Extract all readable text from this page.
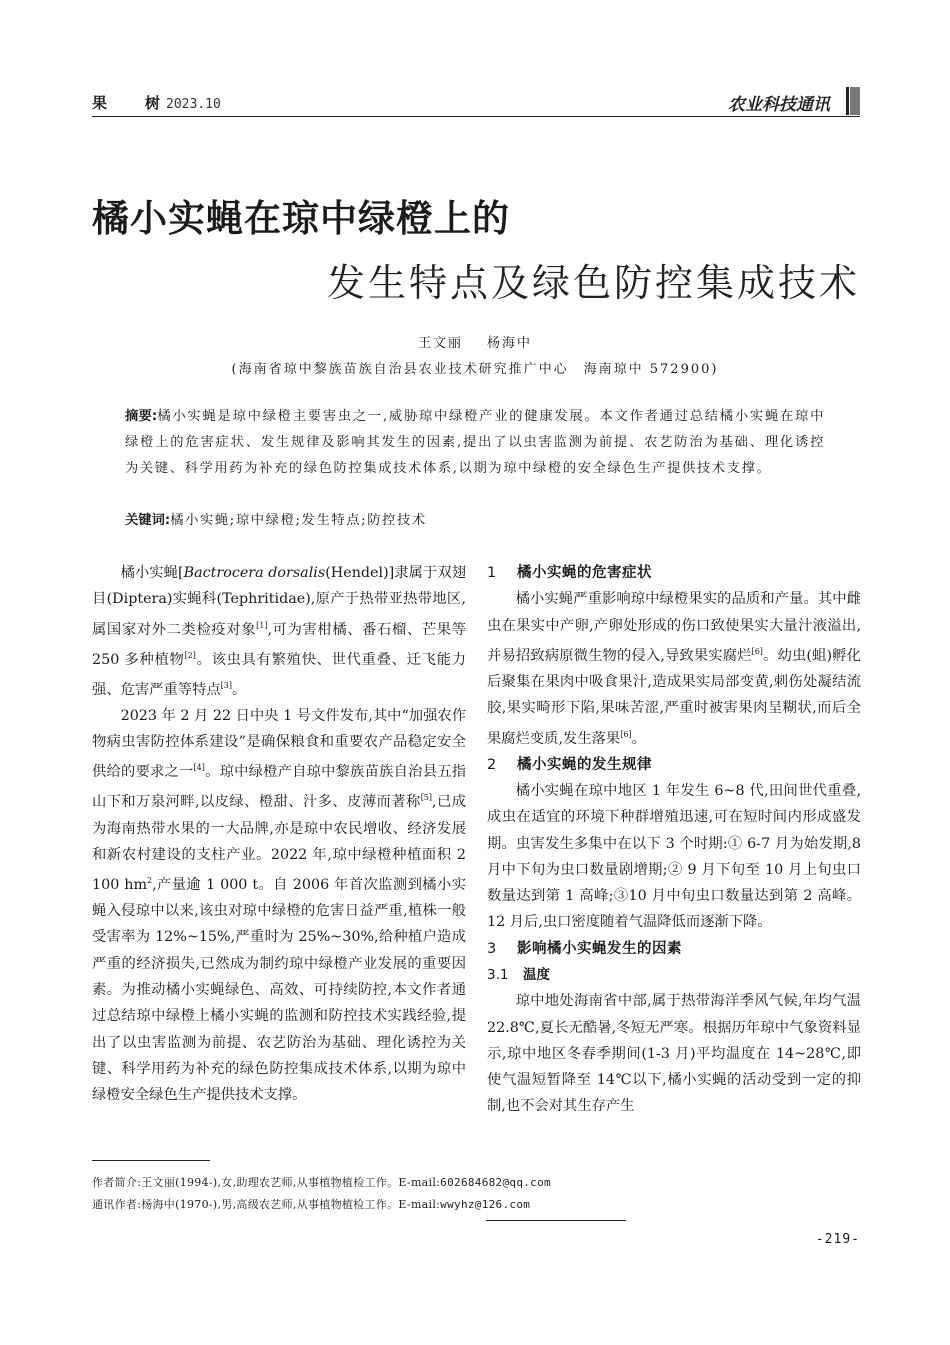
果	树 2023.10	农业科技通讯
橘小实蝇在琼中绿橙上的
发生特点及绿色防控集成技术
王文丽 杨海中
(海南省琼中黎族苗族自治县农业技术研究推广中心　海南琼中 572900)
摘要:橘小实蝇是琼中绿橙主要害虫之一,威胁琼中绿橙产业的健康发展。本文作者通过总结橘小实蝇在琼中绿橙上的危害症状、发生规律及影响其发生的因素,提出了以虫害监测为前提、农艺防治为基础、理化诱控为关键、科学用药为补充的绿色防控集成技术体系,以期为琼中绿橙的安全绿色生产提供技术支撑。
关键词:橘小实蝇;琼中绿橙;发生特点;防控技术

橘小实蝇[Bactrocera dorsalis(Hendel)]隶属于双翅目(Diptera)实蝇科(Tephritidae),原产于热带亚热带地区,属国家对外二类检疫对象[1],可为害柑橘、番石榴、芒果等 250 多种植物[2]。该虫具有繁殖快、世代重叠、迁飞能力强、危害严重等特点[3]。

2023 年 2 月 22 日中央 1 号文件发布,其中“加强农作物病虫害防控体系建设”是确保粮食和重要农产品稳定安全供给的要求之一[4]。琼中绿橙产自琼中黎族苗族自治县五指山下和万泉河畔,以皮绿、橙甜、汁多、皮薄而著称[5],已成为海南热带水果的一大品牌,亦是琼中农民增收、经济发展和新农村建设的支柱产业。2022 年,琼中绿橙种植面积 2 100 $hm^2$,产量逾 1 000 t。自 2006 年首次监测到橘小实蝇入侵琼中以来,该虫对琼中绿橙的危害日益严重,植株一般受害率为 12%~15%,严重时为 25%~30%,给种植户造成严重的经济损失,已然成为制约琼中绿橙产业发展的重要因素。为推动橘小实蝇绿色、高效、可持续防控,本文作者通过总结琼中绿橙上橘小实蝇的监测和防控技术实践经验,提出了以虫害监测为前提、农艺防治为基础、理化诱控为关键、科学用药为补充的绿色防控集成技术体系,以期为琼中绿橙安全绿色生产提供技术支撑。

1 橘小实蝇的危害症状

橘小实蝇严重影响琼中绿橙果实的品质和产量。其中雌虫在果实中产卵,产卵处形成的伤口致使果实大量汁液溢出,并易招致病原微生物的侵入,导致果实腐烂[6]。幼虫(蛆)孵化后聚集在果肉中吸食果汁,造成果实局部变黄,刺伤处凝结流胶,果实畸形下陷,果味苦涩,严重时被害果肉呈糊状,而后全果腐烂变质,发生落果[6]。

2 橘小实蝇的发生规律

橘小实蝇在琼中地区 1 年发生 6~8 代,田间世代重叠,成虫在适宜的环境下种群增殖迅速,可在短时间内形成盛发期。虫害发生多集中在以下 3 个时期:① 6-7 月为始发期,8 月中下旬为虫口数量剧增期;② 9 月下旬至 10 月上旬虫口数量达到第 1 高峰;③10 月中旬虫口数量达到第 2 高峰。12 月后,虫口密度随着气温降低而逐渐下降。

3 影响橘小实蝇发生的因素
3.1 温度

琼中地处海南省中部,属于热带海洋季风气候,年均气温 22.8℃,夏长无酷暑,冬短无严寒。根据历年琼中气象资料显示,琼中地区冬春季期间(1-3 月)平均温度在 14~28℃,即使气温短暂降至 14℃以下,橘小实蝇的活动受到一定的抑制,也不会对其生存产生

作者简介:王文丽(1994-),女,助理农艺师,从事植物植检工作。E-mail:602684682@qq.com
通讯作者:杨海中(1970-),男,高级农艺师,从事植物植检工作。E-mail:wwyhz@126.com
-219-
